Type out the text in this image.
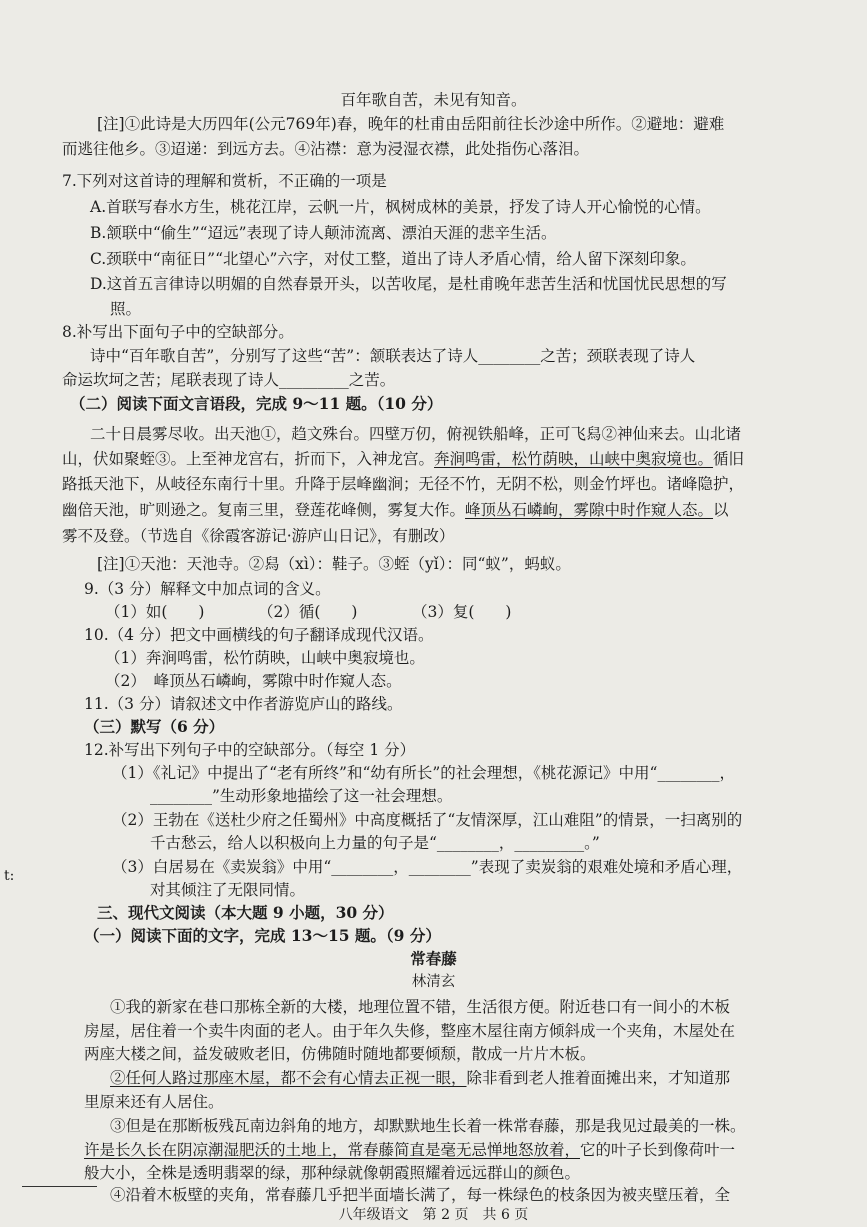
百年歌自苦，未见有知音。
[注]①此诗是大历四年(公元769年)春，晚年的杜甫由岳阳前往长沙途中所作。②避地：避难
而逃往他乡。③迢递：到远方去。④沾襟：意为浸湿衣襟，此处指伤心落泪。
7.下列对这首诗的理解和赏析，不正确的一项是
A.首联写春水方生，桃花江岸，云帆一片，枫树成林的美景，抒发了诗人开心愉悦的心情。
B.颔联中“偷生”“迢远”表现了诗人颠沛流离、漂泊天涯的悲辛生活。
C.颈联中“南征日”“北望心”六字，对仗工整，道出了诗人矛盾心情，给人留下深刻印象。
D.这首五言律诗以明媚的自然春景开头，以苦收尾，是杜甫晚年悲苦生活和忧国忧民思想的写
照。
8.补写出下面句子中的空缺部分。
诗中“百年歌自苦”，分别写了这些“苦”：颔联表达了诗人________之苦；颈联表现了诗人
命运坎坷之苦；尾联表现了诗人_________之苦。
（二）阅读下面文言语段，完成 9～11 题。（10 分）
二十日晨雾尽收。出天池①，趋文殊台。四壁万仞，俯视铁船峰，正可飞舄②神仙来去。山北诸
山，伏如聚蛭③。上至神龙宫右，折而下，入神龙宫。奔涧鸣雷，松竹荫映，山峡中奥寂境也。循旧
路抵天池下，从岐径东南行十里。升降于层峰幽涧；无径不竹，无阴不松，则金竹坪也。诸峰隐护，
幽倍天池，旷则逊之。复南三里，登莲花峰侧，雾复大作。峰顶丛石嶙峋，雾隙中时作窥人态。以
雾不及登。（节选自《徐霞客游记·游庐山日记》，有删改）
[注]①天池：天池寺。②舄（xì）：鞋子。③蛭（yǐ）：同“蚁”，蚂蚁。
9.（3 分）解释文中加点词的含义。
（1）如(　　)	（2）循(　　)	（3）复(　　)
10.（4 分）把文中画横线的句子翻译成现代汉语。
（1）奔涧鸣雷，松竹荫映，山峡中奥寂境也。
（2）　峰顶丛石嶙峋，雾隙中时作窥人态。
11.（3 分）请叙述文中作者游览庐山的路线。
（三）默写（6 分）
12.补写出下列句子中的空缺部分。（每空 1 分）
（1）《礼记》中提出了“老有所终”和“幼有所长”的社会理想，《桃花源记》中用“________，
________”生动形象地描绘了这一社会理想。
（2）王勃在《送杜少府之任蜀州》中高度概括了“友情深厚，江山难阻”的情景，一扫离别的
千古愁云，给人以积极向上力量的句子是“________，_________。”
（3）白居易在《卖炭翁》中用“________，________”表现了卖炭翁的艰难处境和矛盾心理，
对其倾注了无限同情。
t:
三、现代文阅读（本大题 9 小题，30 分）
（一）阅读下面的文字，完成 13～15 题。（9 分）
常春藤
林清玄
①我的新家在巷口那栋全新的大楼，地理位置不错，生活很方便。附近巷口有一间小的木板
房屋，居住着一个卖牛肉面的老人。由于年久失修，整座木屋往南方倾斜成一个夹角，木屋处在
两座大楼之间，益发破败老旧，仿佛随时随地都要倾颓，散成一片片木板。
②任何人路过那座木屋，都不会有心情去正视一眼，除非看到老人推着面摊出来，才知道那
里原来还有人居住。
③但是在那断板残瓦南边斜角的地方，却默默地生长着一株常春藤，那是我见过最美的一株。
许是长久长在阴凉潮湿肥沃的土地上，常春藤简直是毫无忌惮地怒放着，它的叶子长到像荷叶一
般大小，全株是透明翡翠的绿，那种绿就像朝霞照耀着远远群山的颜色。
④沿着木板壁的夹角，常春藤几乎把半面墙长满了，每一株绿色的枝条因为被夹壁压着，全
八年级语文　第 2 页　共 6 页
